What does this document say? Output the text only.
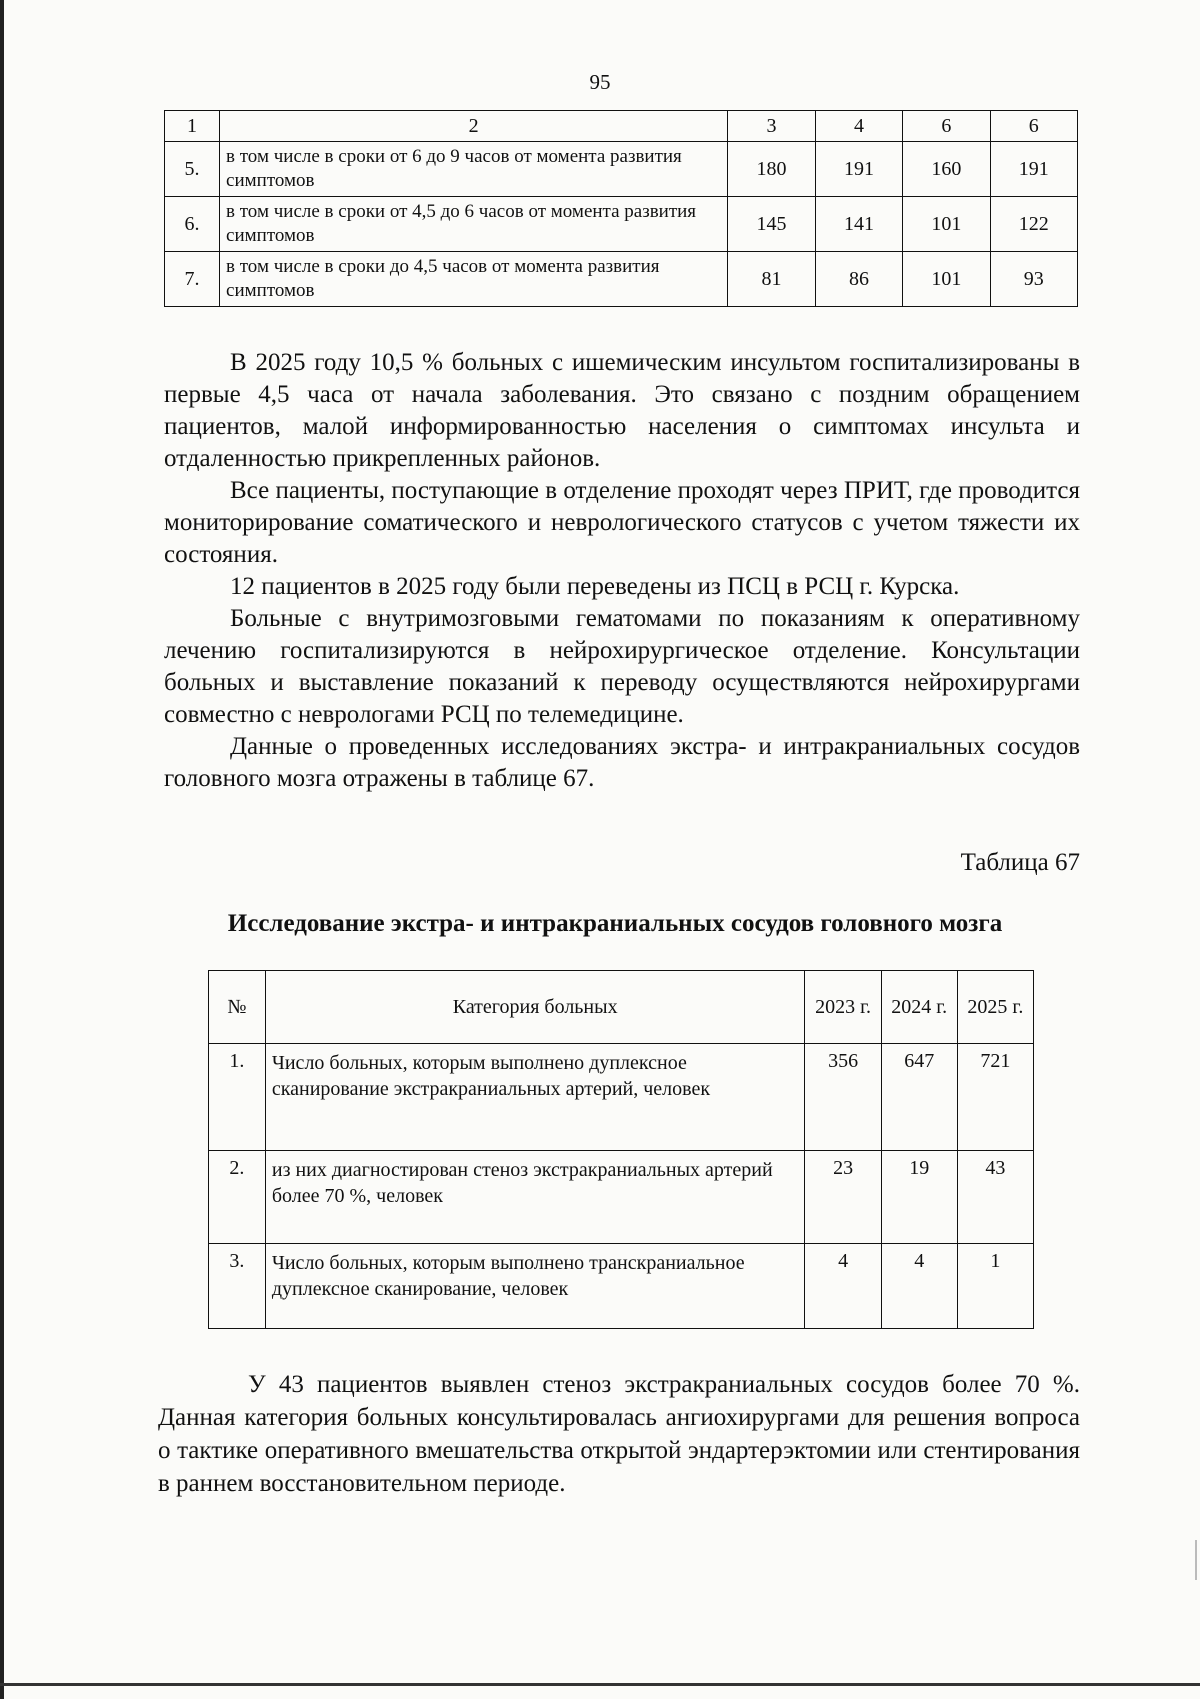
95
1	2	3	4	6	6
5.	в том числе в сроки от 6 до 9 часов от момента развития симптомов	180	191	160	191
6.	в том числе в сроки от 4,5 до 6 часов от момента развития симптомов	145	141	101	122
7.	в том числе в сроки до 4,5 часов от момента развития симптомов	81	86	101	93

В 2025 году 10,5 % больных с ишемическим инсультом госпитализированы в первые 4,5 часа от начала заболевания. Это связано с поздним обращением пациентов, малой информированностью населения о симптомах инсульта и отдаленностью прикрепленных районов.

Все пациенты, поступающие в отделение проходят через ПРИТ, где проводится мониторирование соматического и неврологического статусов с учетом тяжести их состояния.

12 пациентов в 2025 году были переведены из ПСЦ в РСЦ г. Курска.

Больные с внутримозговыми гематомами по показаниям к оперативному лечению госпитализируются в нейрохирургическое отделение. Консультации больных и выставление показаний к переводу осуществляются нейрохирургами совместно с неврологами РСЦ по телемедицине.

Данные о проведенных исследованиях экстра- и интракраниальных сосудов головного мозга отражены в таблице 67.

Таблица 67
Исследование экстра- и интракраниальных сосудов головного мозга
№	Категория больных	2023 г.	2024 г.	2025 г.
1.	Число больных, которым выполнено дуплексное сканирование экстракраниальных артерий, человек	356	647	721
2.	из них диагностирован стеноз экстракраниальных артерий более 70 %, человек	23	19	43
3.	Число больных, которым выполнено транскраниальное дуплексное сканирование, человек	4	4	1

У 43 пациентов выявлен стеноз экстракраниальных сосудов более 70 %. Данная категория больных консультировалась ангиохирургами для решения вопроса о тактике оперативного вмешательства открытой эндартерэктомии или стентирования в раннем восстановительном периоде.
